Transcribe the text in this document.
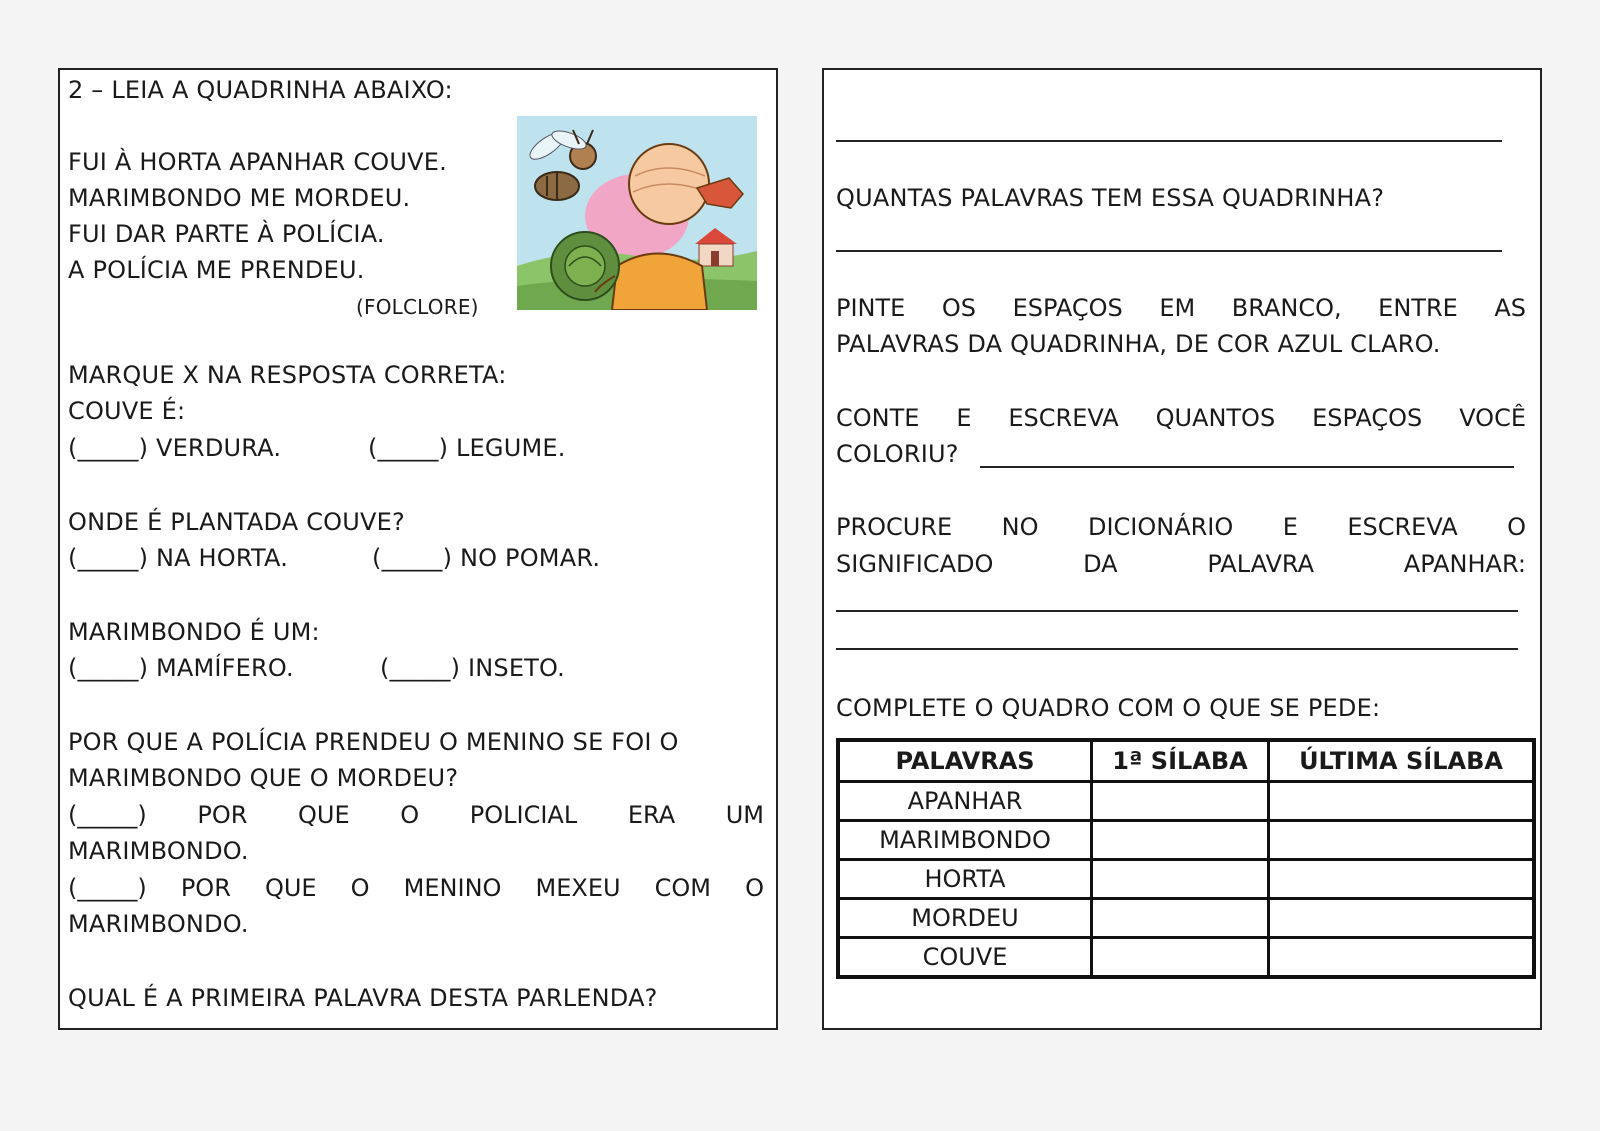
2 – LEIA A QUADRINHA ABAIXO:
FUI À HORTA APANHAR COUVE.
MARIMBONDO ME MORDEU.
FUI DAR PARTE À POLÍCIA.
A POLÍCIA ME PRENDEU.
(FOLCLORE)
MARQUE X NA RESPOSTA CORRETA:
COUVE É:
(_____) VERDURA.	(_____) LEGUME.
ONDE É PLANTADA COUVE?
(_____) NA HORTA.	(_____) NO POMAR.
MARIMBONDO É UM:
(_____) MAMÍFERO.	(_____) INSETO.
POR QUE A POLÍCIA PRENDEU O MENINO SE FOI O
MARIMBONDO QUE O MORDEU?
(_____) POR QUE O POLICIAL ERA UM
MARIMBONDO.
(_____) POR QUE O MENINO MEXEU COM O
MARIMBONDO.
QUAL É A PRIMEIRA PALAVRA DESTA PARLENDA?
QUANTAS PALAVRAS TEM ESSA QUADRINHA?
PINTE OS ESPAÇOS EM BRANCO, ENTRE AS
PALAVRAS DA QUADRINHA, DE COR AZUL CLARO.
CONTE E ESCREVA QUANTOS ESPAÇOS VOCÊ
COLORIU?
PROCURE NO DICIONÁRIO E ESCREVA O
SIGNIFICADO DA PALAVRA APANHAR:
COMPLETE O QUADRO COM O QUE SE PEDE:
PALAVRAS	1ª SÍLABA	ÚLTIMA SÍLABA
APANHAR		
MARIMBONDO		
HORTA		
MORDEU		
COUVE		
